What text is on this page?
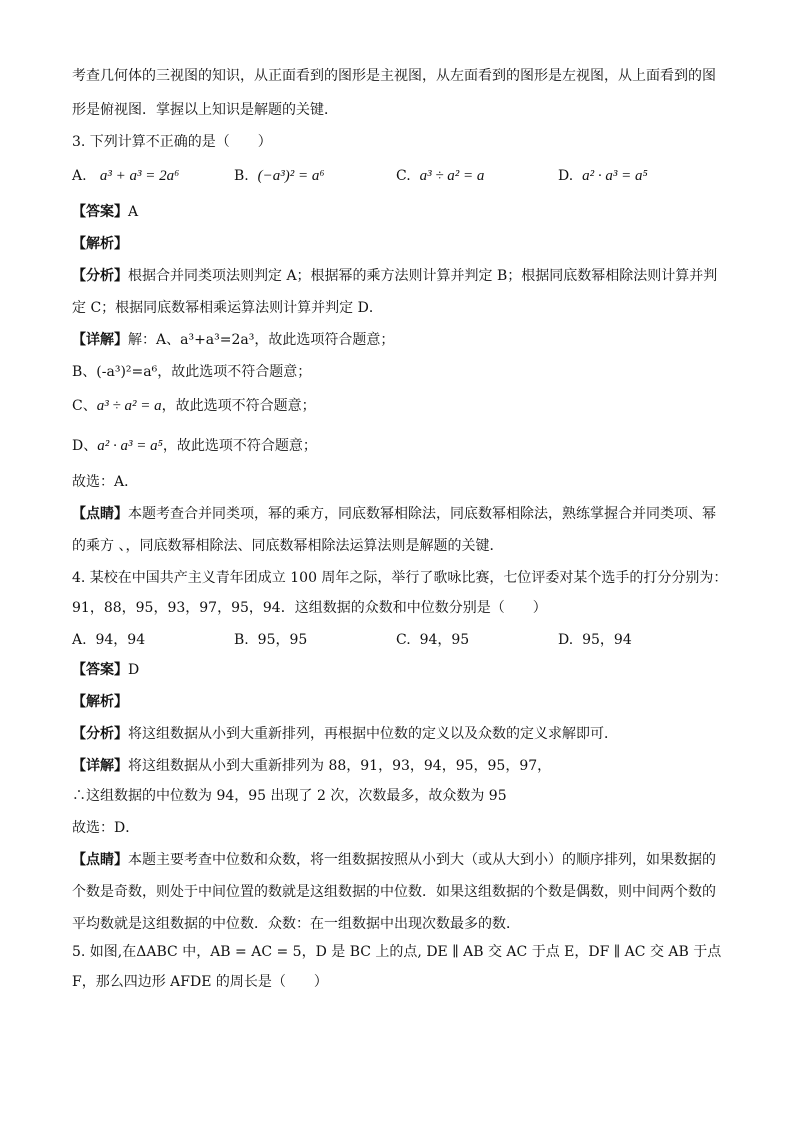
考查几何体的三视图的知识，从正面看到的图形是主视图，从左面看到的图形是左视图，从上面看到的图
形是俯视图．掌握以上知识是解题的关键．
3. 下列计算不正确的是（　　）
A. a³ + a³ = 2a⁶	B. (−a³)² = a⁶	C. a³ ÷ a² = a	D. a² · a³ = a⁵
【答案】A
【解析】
【分析】根据合并同类项法则判定 A；根据幂的乘方法则计算并判定 B；根据同底数幂相除法则计算并判
定 C；根据同底数幂相乘运算法则计算并判定 D．
【详解】解：A、a³+a³=2a³，故此选项符合题意；
B、(-a³)²=a⁶，故此选项不符合题意；
C、a³ ÷ a² = a，故此选项不符合题意；
D、a² · a³ = a⁵，故此选项不符合题意；
故选：A．
【点睛】本题考查合并同类项，幂的乘方，同底数幂相除法，同底数幂相除法，熟练掌握合并同类项、幂
的乘方 、，同底数幂相除法、同底数幂相除法运算法则是解题的关键．
4. 某校在中国共产主义青年团成立 100 周年之际，举行了歌咏比赛，七位评委对某个选手的打分分别为：
91，88，95，93，97，95，94．这组数据的众数和中位数分别是（　　）
A. 94，94	B. 95，95	C. 94，95	D. 95，94
【答案】D
【解析】
【分析】将这组数据从小到大重新排列，再根据中位数的定义以及众数的定义求解即可．
【详解】将这组数据从小到大重新排列为 88，91，93，94，95，95，97，
∴这组数据的中位数为 94，95 出现了 2 次，次数最多，故众数为 95
故选：D．
【点睛】本题主要考查中位数和众数，将一组数据按照从小到大（或从大到小）的顺序排列，如果数据的
个数是奇数，则处于中间位置的数就是这组数据的中位数．如果这组数据的个数是偶数，则中间两个数的
平均数就是这组数据的中位数．众数：在一组数据中出现次数最多的数．
5. 如图,在ΔABC 中，AB = AC = 5，D 是 BC 上的点, DE ∥ AB 交 AC 于点 E，DF ∥ AC 交 AB 于点
F，那么四边形 AFDE 的周长是（　　）
